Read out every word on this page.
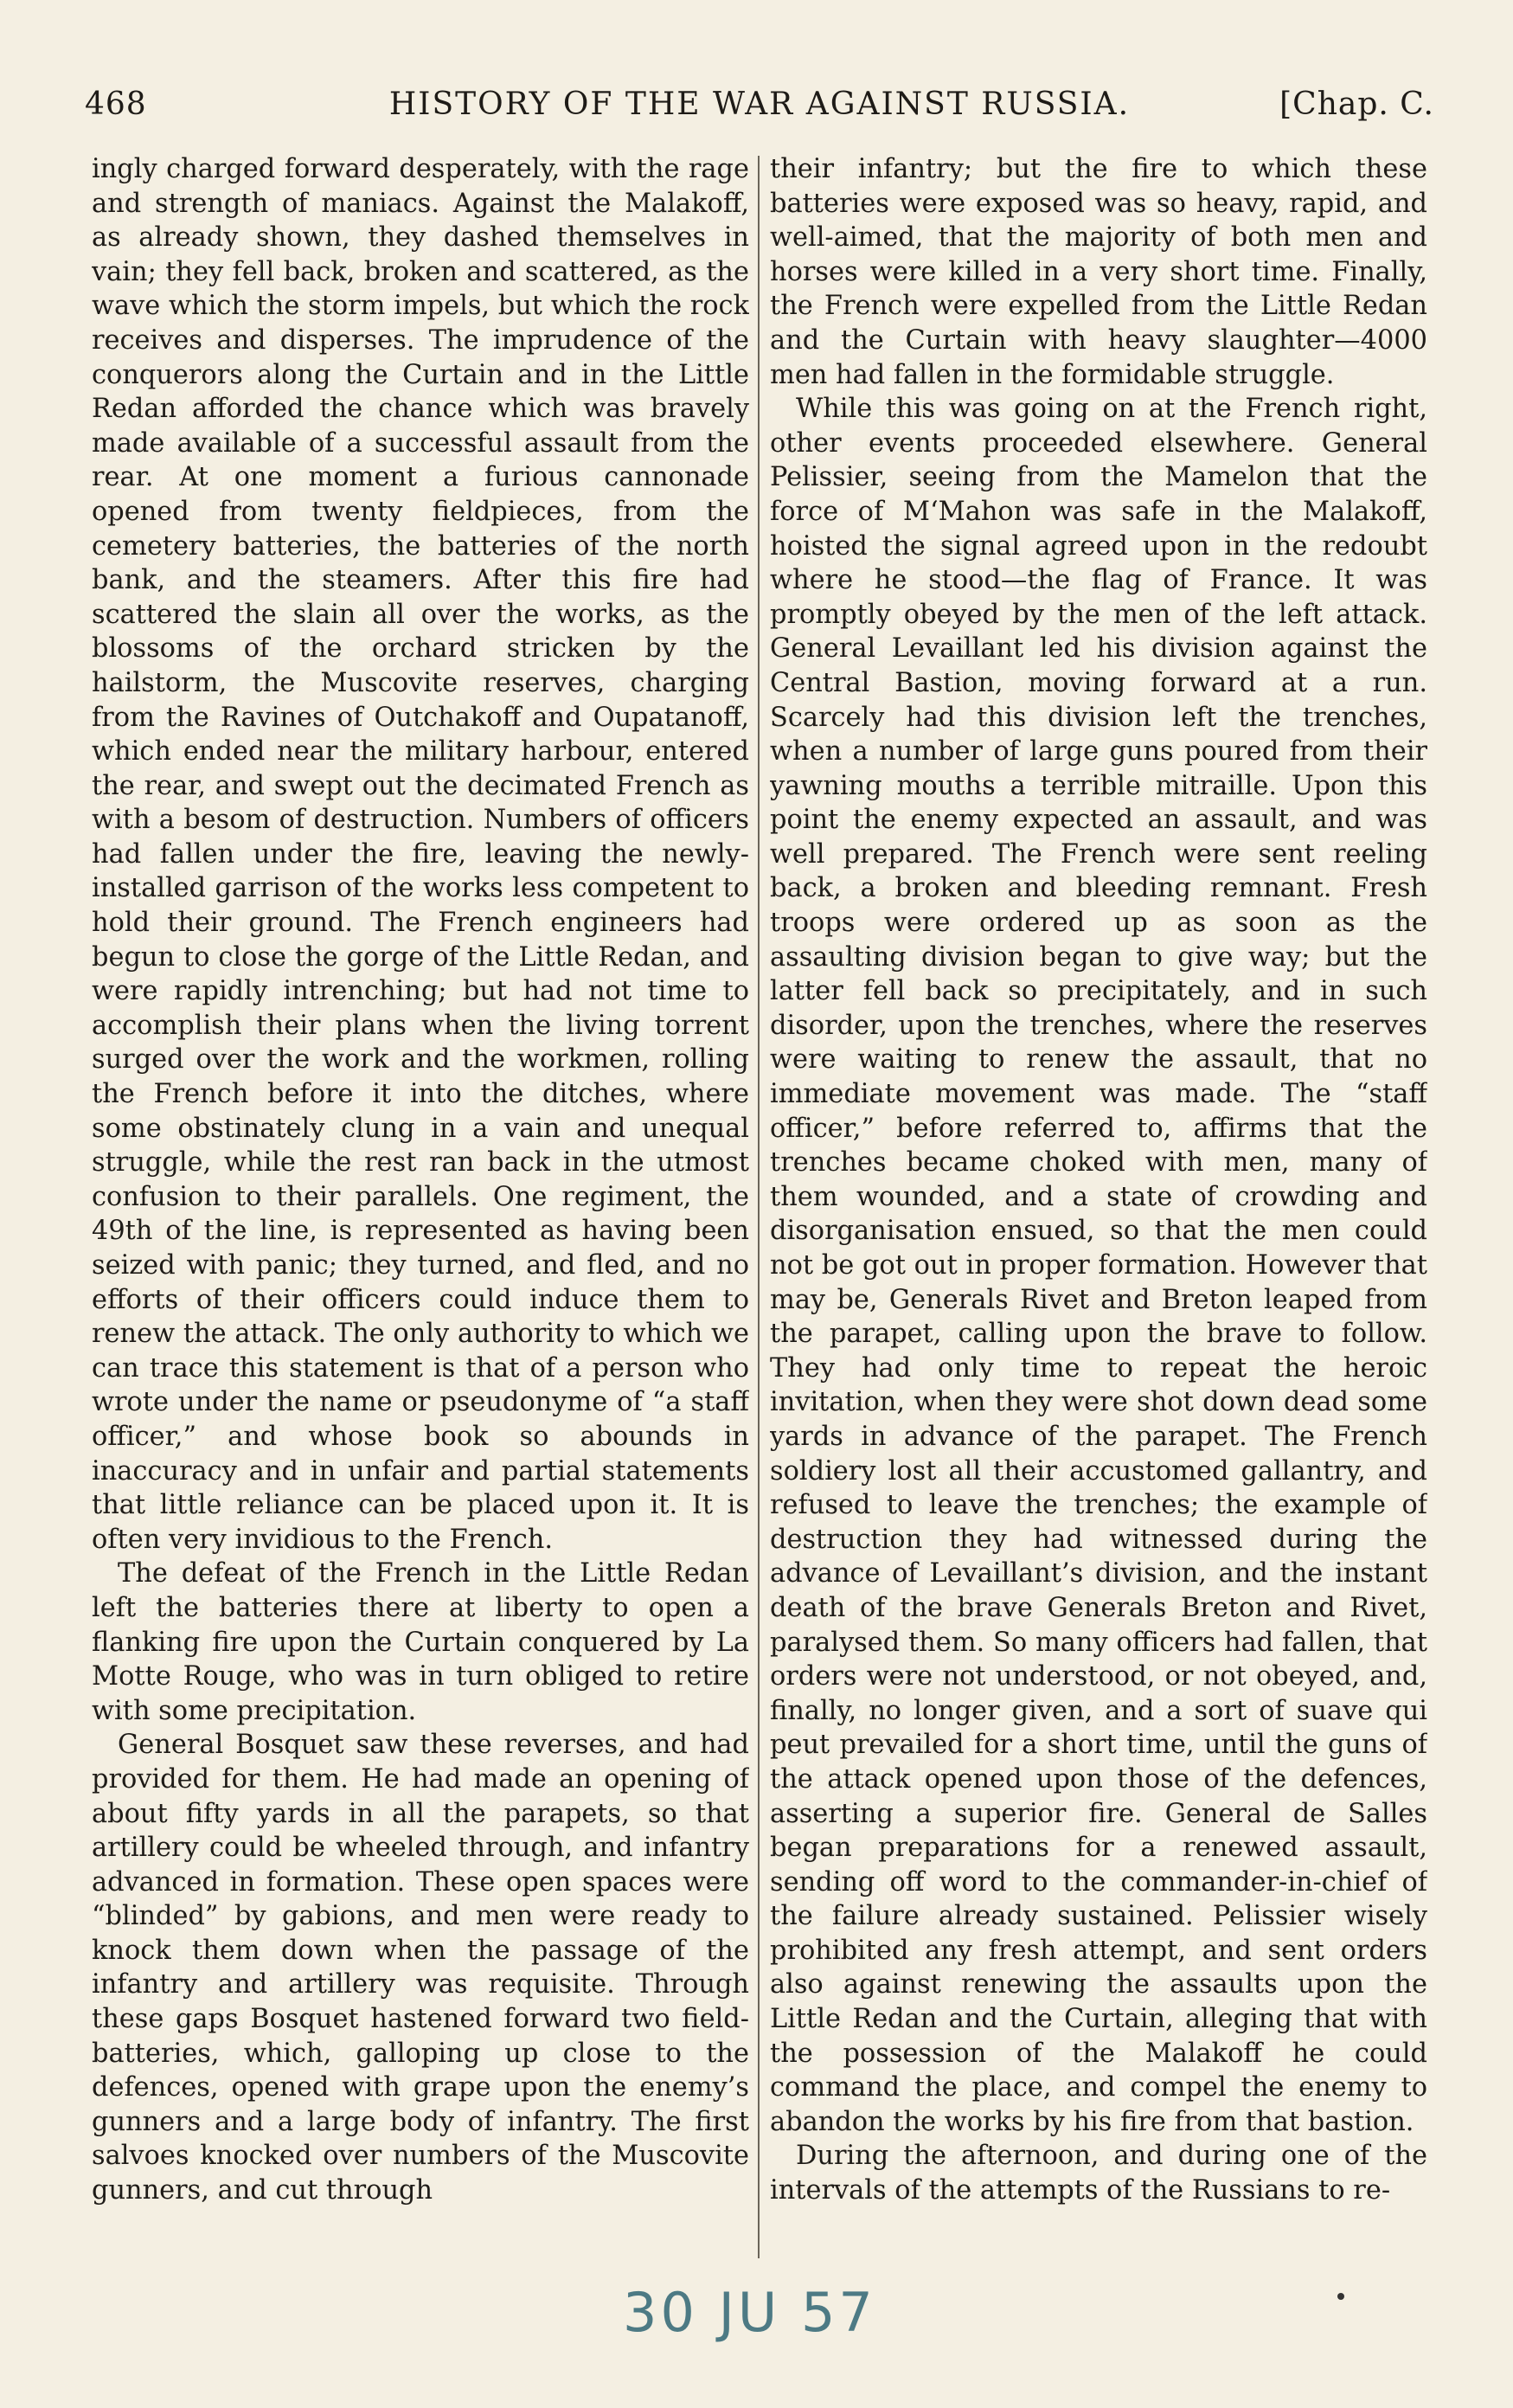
468	HISTORY OF THE WAR AGAINST RUSSIA.	[Chap. C.

ingly charged forward desperately, with the rage and strength of maniacs. Against the Malakoff, as already shown, they dashed themselves in vain; they fell back, broken and scattered, as the wave which the storm impels, but which the rock receives and disperses. The imprudence of the conquerors along the Curtain and in the Little Redan afforded the chance which was bravely made available of a successful assault from the rear. At one moment a furious cannonade opened from twenty fieldpieces, from the cemetery batteries, the batteries of the north bank, and the steamers. After this fire had scattered the slain all over the works, as the blossoms of the orchard stricken by the hailstorm, the Muscovite reserves, charging from the Ravines of Outchakoff and Oupatanoff, which ended near the military harbour, entered the rear, and swept out the decimated French as with a besom of destruction. Numbers of officers had fallen under the fire, leaving the newly-installed garrison of the works less competent to hold their ground. The French engineers had begun to close the gorge of the Little Redan, and were rapidly intrenching; but had not time to accomplish their plans when the living torrent surged over the work and the workmen, rolling the French before it into the ditches, where some obstinately clung in a vain and unequal struggle, while the rest ran back in the utmost confusion to their parallels. One regiment, the 49th of the line, is represented as having been seized with panic; they turned, and fled, and no efforts of their officers could induce them to renew the attack. The only authority to which we can trace this statement is that of a person who wrote under the name or pseudonyme of “a staff officer,” and whose book so abounds in inaccuracy and in unfair and partial statements that little reliance can be placed upon it. It is often very invidious to the French.

The defeat of the French in the Little Redan left the batteries there at liberty to open a flanking fire upon the Curtain conquered by La Motte Rouge, who was in turn obliged to retire with some precipitation.

General Bosquet saw these reverses, and had provided for them. He had made an opening of about fifty yards in all the parapets, so that artillery could be wheeled through, and infantry advanced in formation. These open spaces were “blinded” by gabions, and men were ready to knock them down when the passage of the infantry and artillery was requisite. Through these gaps Bosquet hastened forward two field-batteries, which, galloping up close to the defences, opened with grape upon the enemy’s gunners and a large body of infantry. The first salvoes knocked over numbers of the Muscovite gunners, and cut through

their infantry; but the fire to which these batteries were exposed was so heavy, rapid, and well-aimed, that the majority of both men and horses were killed in a very short time. Finally, the French were expelled from the Little Redan and the Curtain with heavy slaughter—4000 men had fallen in the formidable struggle.

While this was going on at the French right, other events proceeded elsewhere. General Pelissier, seeing from the Mamelon that the force of M‘Mahon was safe in the Malakoff, hoisted the signal agreed upon in the redoubt where he stood—the flag of France. It was promptly obeyed by the men of the left attack. General Levaillant led his division against the Central Bastion, moving forward at a run. Scarcely had this division left the trenches, when a number of large guns poured from their yawning mouths a terrible mitraille. Upon this point the enemy expected an assault, and was well prepared. The French were sent reeling back, a broken and bleeding remnant. Fresh troops were ordered up as soon as the assaulting division began to give way; but the latter fell back so precipitately, and in such disorder, upon the trenches, where the reserves were waiting to renew the assault, that no immediate movement was made. The “staff officer,” before referred to, affirms that the trenches became choked with men, many of them wounded, and a state of crowding and disorganisation ensued, so that the men could not be got out in proper formation. However that may be, Generals Rivet and Breton leaped from the parapet, calling upon the brave to follow. They had only time to repeat the heroic invitation, when they were shot down dead some yards in advance of the parapet. The French soldiery lost all their accustomed gallantry, and refused to leave the trenches; the example of destruction they had witnessed during the advance of Levaillant’s division, and the instant death of the brave Generals Breton and Rivet, paralysed them. So many officers had fallen, that orders were not understood, or not obeyed, and, finally, no longer given, and a sort of suave qui peut prevailed for a short time, until the guns of the attack opened upon those of the defences, asserting a superior fire. General de Salles began preparations for a renewed assault, sending off word to the commander-in-chief of the failure already sustained. Pelissier wisely prohibited any fresh attempt, and sent orders also against renewing the assaults upon the Little Redan and the Curtain, alleging that with the possession of the Malakoff he could command the place, and compel the enemy to abandon the works by his fire from that bastion.

During the afternoon, and during one of the intervals of the attempts of the Russians to re-

30 JU 57
